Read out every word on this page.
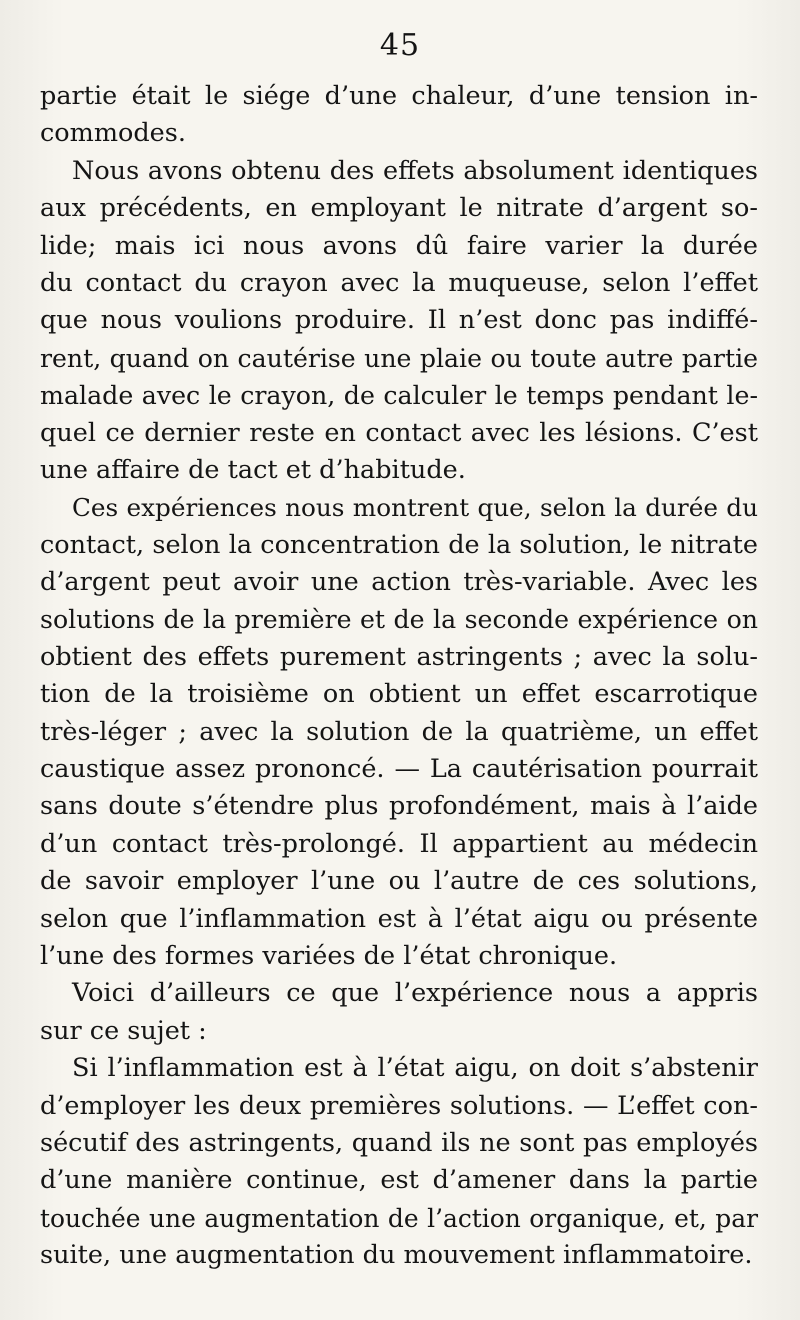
45
partie était le siége d’une chaleur, d’une tension in-
commodes.
Nous avons obtenu des effets absolument identiques
aux précédents, en employant le nitrate d’argent so-
lide; mais ici nous avons dû faire varier la durée
du contact du crayon avec la muqueuse, selon l’effet
que nous voulions produire. Il n’est donc pas indiffé-
rent, quand on cautérise une plaie ou toute autre partie
malade avec le crayon, de calculer le temps pendant le-
quel ce dernier reste en contact avec les lésions. C’est
une affaire de tact et d’habitude.
Ces expériences nous montrent que, selon la durée du
contact, selon la concentration de la solution, le nitrate
d’argent peut avoir une action très-variable. Avec les
solutions de la première et de la seconde expérience on
obtient des effets purement astringents ; avec la solu-
tion de la troisième on obtient un effet escarrotique
très-léger ; avec la solution de la quatrième, un effet
caustique assez prononcé. — La cautérisation pourrait
sans doute s’étendre plus profondément, mais à l’aide
d’un contact très-prolongé. Il appartient au médecin
de savoir employer l’une ou l’autre de ces solutions,
selon que l’inflammation est à l’état aigu ou présente
l’une des formes variées de l’état chronique.
Voici d’ailleurs ce que l’expérience nous a appris
sur ce sujet :
Si l’inflammation est à l’état aigu, on doit s’abstenir
d’employer les deux premières solutions. — L’effet con-
sécutif des astringents, quand ils ne sont pas employés
d’une manière continue, est d’amener dans la partie
touchée une augmentation de l’action organique, et, par
suite, une augmentation du mouvement inflammatoire.
